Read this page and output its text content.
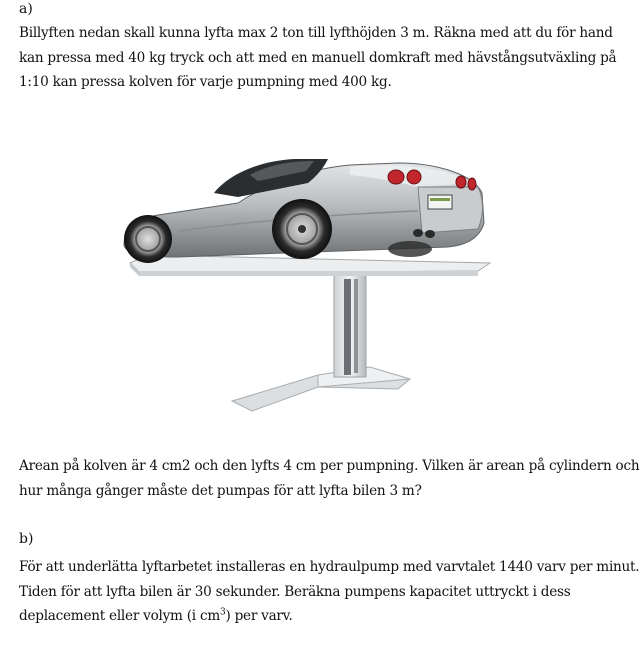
a)
Billyften nedan skall kunna lyfta max 2 ton till lyfthöjden 3 m. Räkna med att du för hand
kan pressa med 40 kg tryck och att med en manuell domkraft med hävstångsutväxling på
1:10 kan pressa kolven för varje pumpning med 400 kg.
Arean på kolven är 4 cm2 och den lyfts 4 cm per pumpning. Vilken är arean på cylindern och
hur många gånger måste det pumpas för att lyfta bilen 3 m?
b)
För att underlätta lyftarbetet installeras en hydraulpump med varvtalet 1440 varv per minut.
Tiden för att lyfta bilen är 30 sekunder. Beräkna pumpens kapacitet uttryckt i dess
deplacement eller volym (i $cm^3$) per varv.
